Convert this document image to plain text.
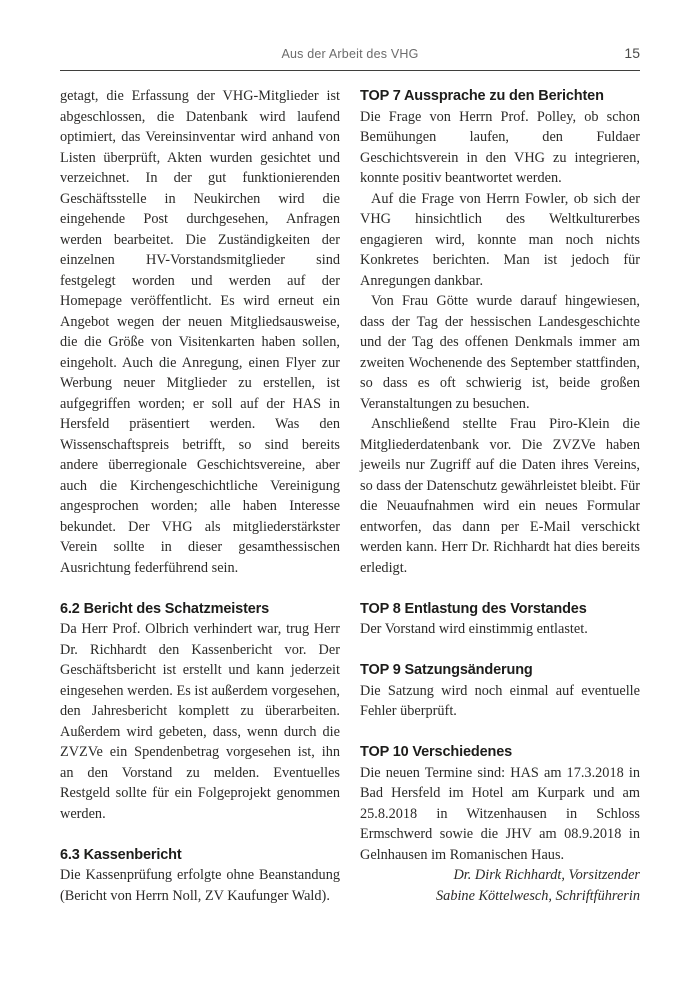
Aus der Arbeit des VHG	15

getagt, die Erfassung der VHG-Mitglieder ist abgeschlossen, die Datenbank wird laufend optimiert, das Vereinsinventar wird anhand von Listen überprüft, Akten wurden gesichtet und verzeichnet. In der gut funktionierenden Geschäftsstelle in Neukirchen wird die eingehende Post durchgesehen, Anfragen werden bearbeitet. Die Zuständigkeiten der einzelnen HV-Vorstandsmitglieder sind festgelegt worden und werden auf der Homepage veröffentlicht. Es wird erneut ein Angebot wegen der neuen Mitgliedsausweise, die die Größe von Visitenkarten haben sollen, eingeholt. Auch die Anregung, einen Flyer zur Werbung neuer Mitglieder zu erstellen, ist aufgegriffen worden; er soll auf der HAS in Hersfeld präsentiert werden. Was den Wissenschaftspreis betrifft, so sind bereits andere überregionale Geschichtsvereine, aber auch die Kirchengeschichtliche Vereinigung angesprochen worden; alle haben Interesse bekundet. Der VHG als mitgliederstärkster Verein sollte in dieser gesamthessischen Ausrichtung federführend sein.

6.2 Bericht des Schatzmeisters

Da Herr Prof. Olbrich verhindert war, trug Herr Dr. Richhardt den Kassenbericht vor. Der Geschäftsbericht ist erstellt und kann jederzeit eingesehen werden. Es ist außerdem vorgesehen, den Jahresbericht komplett zu überarbeiten. Außerdem wird gebeten, dass, wenn durch die ZVZVe ein Spendenbetrag vorgesehen ist, ihn an den Vorstand zu melden. Eventuelles Restgeld sollte für ein Folgeprojekt genommen werden.

6.3 Kassenbericht

Die Kassenprüfung erfolgte ohne Beanstandung (Bericht von Herrn Noll, ZV Kaufunger Wald).

TOP 7 Aussprache zu den Berichten

Die Frage von Herrn Prof. Polley, ob schon Bemühungen laufen, den Fuldaer Geschichtsverein in den VHG zu integrieren, konnte positiv beantwortet werden.

Auf die Frage von Herrn Fowler, ob sich der VHG hinsichtlich des Weltkulturerbes engagieren wird, konnte man noch nichts Konkretes berichten. Man ist jedoch für Anregungen dankbar.

Von Frau Götte wurde darauf hingewiesen, dass der Tag der hessischen Landesgeschichte und der Tag des offenen Denkmals immer am zweiten Wochenende des September stattfinden, so dass es oft schwierig ist, beide großen Veranstaltungen zu besuchen.

Anschließend stellte Frau Piro-Klein die Mitgliederdatenbank vor. Die ZVZVe haben jeweils nur Zugriff auf die Daten ihres Vereins, so dass der Datenschutz gewährleistet bleibt. Für die Neuaufnahmen wird ein neues Formular entworfen, das dann per E-Mail verschickt werden kann. Herr Dr. Richhardt hat dies bereits erledigt.

TOP 8 Entlastung des Vorstandes

Der Vorstand wird einstimmig entlastet.

TOP 9 Satzungsänderung

Die Satzung wird noch einmal auf eventuelle Fehler überprüft.

TOP 10 Verschiedenes

Die neuen Termine sind: HAS am 17.3.2018 in Bad Hersfeld im Hotel am Kurpark und am 25.8.2018 in Witzenhausen in Schloss Ermschwerd sowie die JHV am 08.9.2018 in Gelnhausen im Romanischen Haus.

Dr. Dirk Richhardt, Vorsitzender

Sabine Köttelwesch, Schriftführerin
